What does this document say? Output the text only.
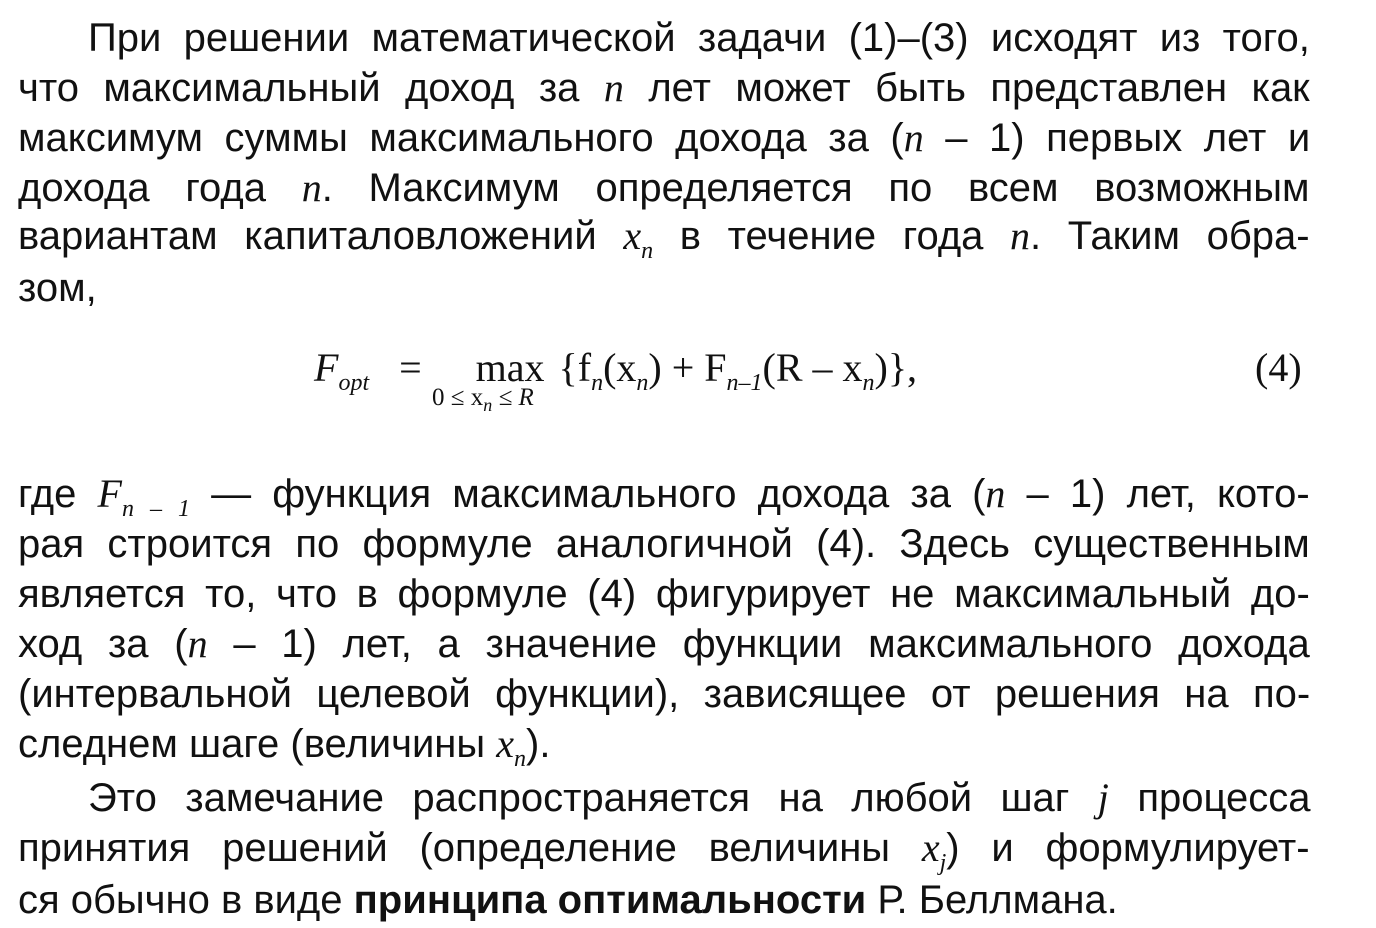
При решении математической задачи (1)–(3) исходят из того,
что максимальный доход за n лет может быть представлен как
максимум суммы максимального дохода за (n – 1) первых лет и
дохода года n. Максимум определяется по всем возможным
вариантам капиталовложений $x_n$ в течение года n. Таким обра-
зом,
$F_{opt} = \max \{f_n(x_n) + F_{n-1}(R - x_n)\}$,
$0 \le x_n \le R$
(4)
где $F_{n - 1}$ — функция максимального дохода за (n – 1) лет, кото-
рая строится по формуле аналогичной (4). Здесь существенным
является то, что в формуле (4) фигурирует не максимальный до-
ход за (n – 1) лет, а значение функции максимального дохода
(интервальной целевой функции), зависящее от решения на по-
следнем шаге (величины $x_n$).
Это замечание распространяется на любой шаг j процесса
принятия решений (определение величины $x_j$) и формулирует-
ся обычно в виде принципа оптимальности Р. Беллмана.
